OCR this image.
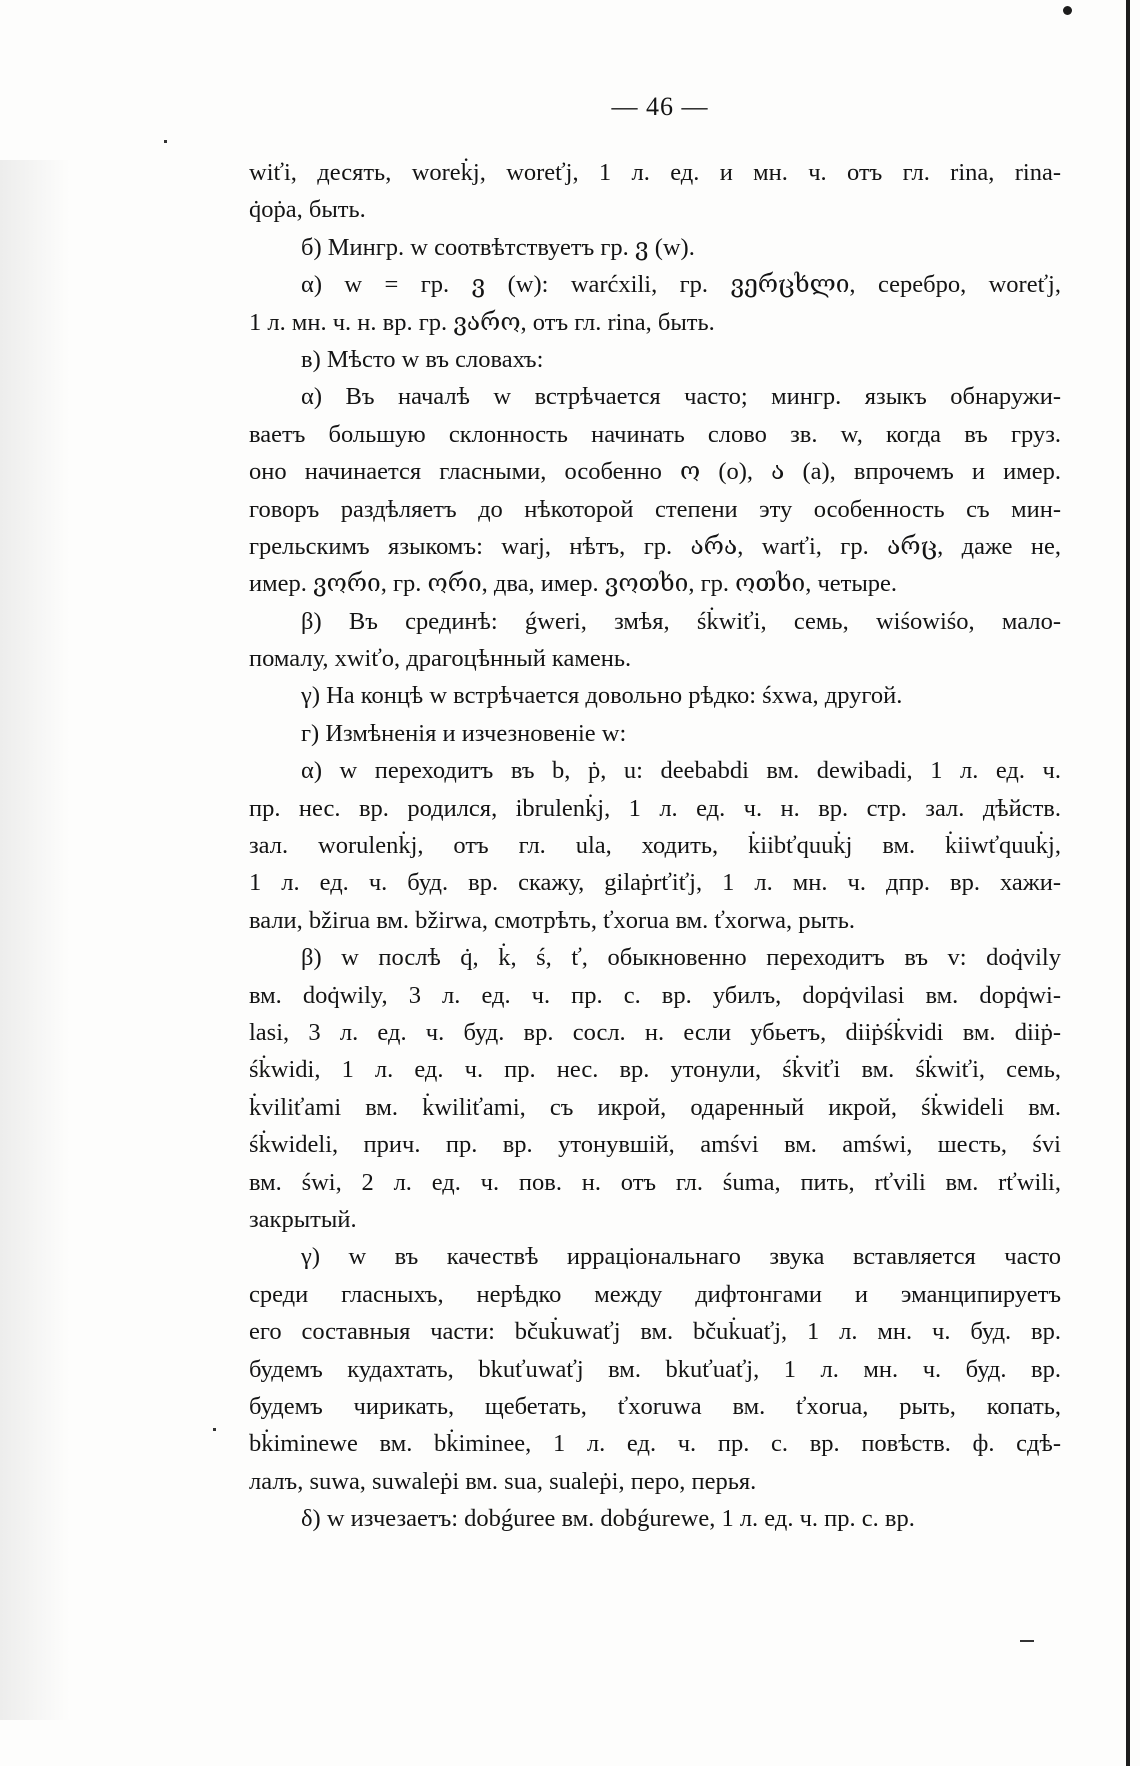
— 46 —
wiťi, десять, worek̇j, woreťj, 1 л. ед. и мн. ч. отъ гл. rina, rina-
q̇oṗa, быть.
б) Мингр. w соотвѣтствуетъ гр. ვ (w).
α) w = гр. ვ (w): warćxili, гр. ვერცხლი, серебро, woreťj,
1 л. мн. ч. н. вр. гр. ვარო, отъ гл. rina, быть.
в) Мѣсто w въ словахъ:
α) Въ началѣ w встрѣчается часто; мингр. языкъ обнаружи-
ваетъ большую склонность начинать слово зв. w, когда въ груз.
оно начинается гласными, особенно ო (o), ა (a), впрочемъ и имер.
говоръ раздѣляетъ до нѣкоторой степени эту особенность съ мин-
грельскимъ языкомъ: warj, нѣтъ, гр. არა, warťi, гр. არც, даже не,
имер. ვორი, гр. ორი, два, имер. ვოთხი, гр. ოთხი, четыре.
β) Въ срединѣ: ǵweri, змѣя, śk̇wiťi, семь, wiśowiśo, мало-
помалу, xwiťo, драгоцѣнный камень.
γ) На концѣ w встрѣчается довольно рѣдко: śxwa, другой.
г) Измѣненія и изчезновеніе w:
α) w переходитъ въ b, ṗ, u: deebabdi вм. dewibadi, 1 л. ед. ч.
пр. нес. вр. родился, ibrulenk̇j, 1 л. ед. ч. н. вр. стр. зал. дѣйств.
зал. worulenk̇j, отъ гл. ula, ходить, k̇iibťquuk̇j вм. k̇iiwťquuk̇j,
1 л. ед. ч. буд. вр. скажу, gilaṗrťiťj, 1 л. мн. ч. дпр. вр. хажи-
вали, bžirua вм. bžirwa, смотрѣть, ťxorua вм. ťxorwa, рыть.
β) w послѣ q̇, k̇, ś, ť, обыкновенно переходитъ въ v: doq̇vily
вм. doq̇wily, 3 л. ед. ч. пр. с. вр. убилъ, dopq̇vilasi вм. dopq̇wi-
lasi, 3 л. ед. ч. буд. вр. сосл. н. если убьетъ, diiṗśk̇vidi вм. diiṗ-
śk̇widi, 1 л. ед. ч. пр. нес. вр. утонули, śk̇viťi вм. śk̇wiťi, семь,
k̇viliťami вм. k̇wiliťami, съ икрой, одаренный икрой, śk̇wideli вм.
śk̇wideli, прич. пр. вр. утонувшій, amśvi вм. amświ, шесть, śvi
вм. św‌i, 2 л. ед. ч. пов. н. отъ гл. śuma, пить, rťvili вм. rťwili,
закрытый.
γ) w въ качествѣ ирраціональнаго звука вставляется часто
среди гласныхъ, нерѣдко между дифтонгами и эманципируетъ
его составныя части: bčuk̇uwaťj вм. bčuk̇uaťj, 1 л. мн. ч. буд. вр.
будемъ кудахтать, bkuťuwaťj вм. bkuťuaťj, 1 л. мн. ч. буд. вр.
будемъ чирикать, щебетать, ťxoruwa вм. ťxorua, рыть, копать,
bk̇iminewe вм. bk̇iminee, 1 л. ед. ч. пр. с. вр. повѣств. ф. сдѣ-
лалъ, suwa, suwaleṗi вм. sua, sualeṗi, перо, перья.
δ) w изчезаетъ: dobǵuree вм. dobǵurewe, 1 л. ед. ч. пр. с. вр.
